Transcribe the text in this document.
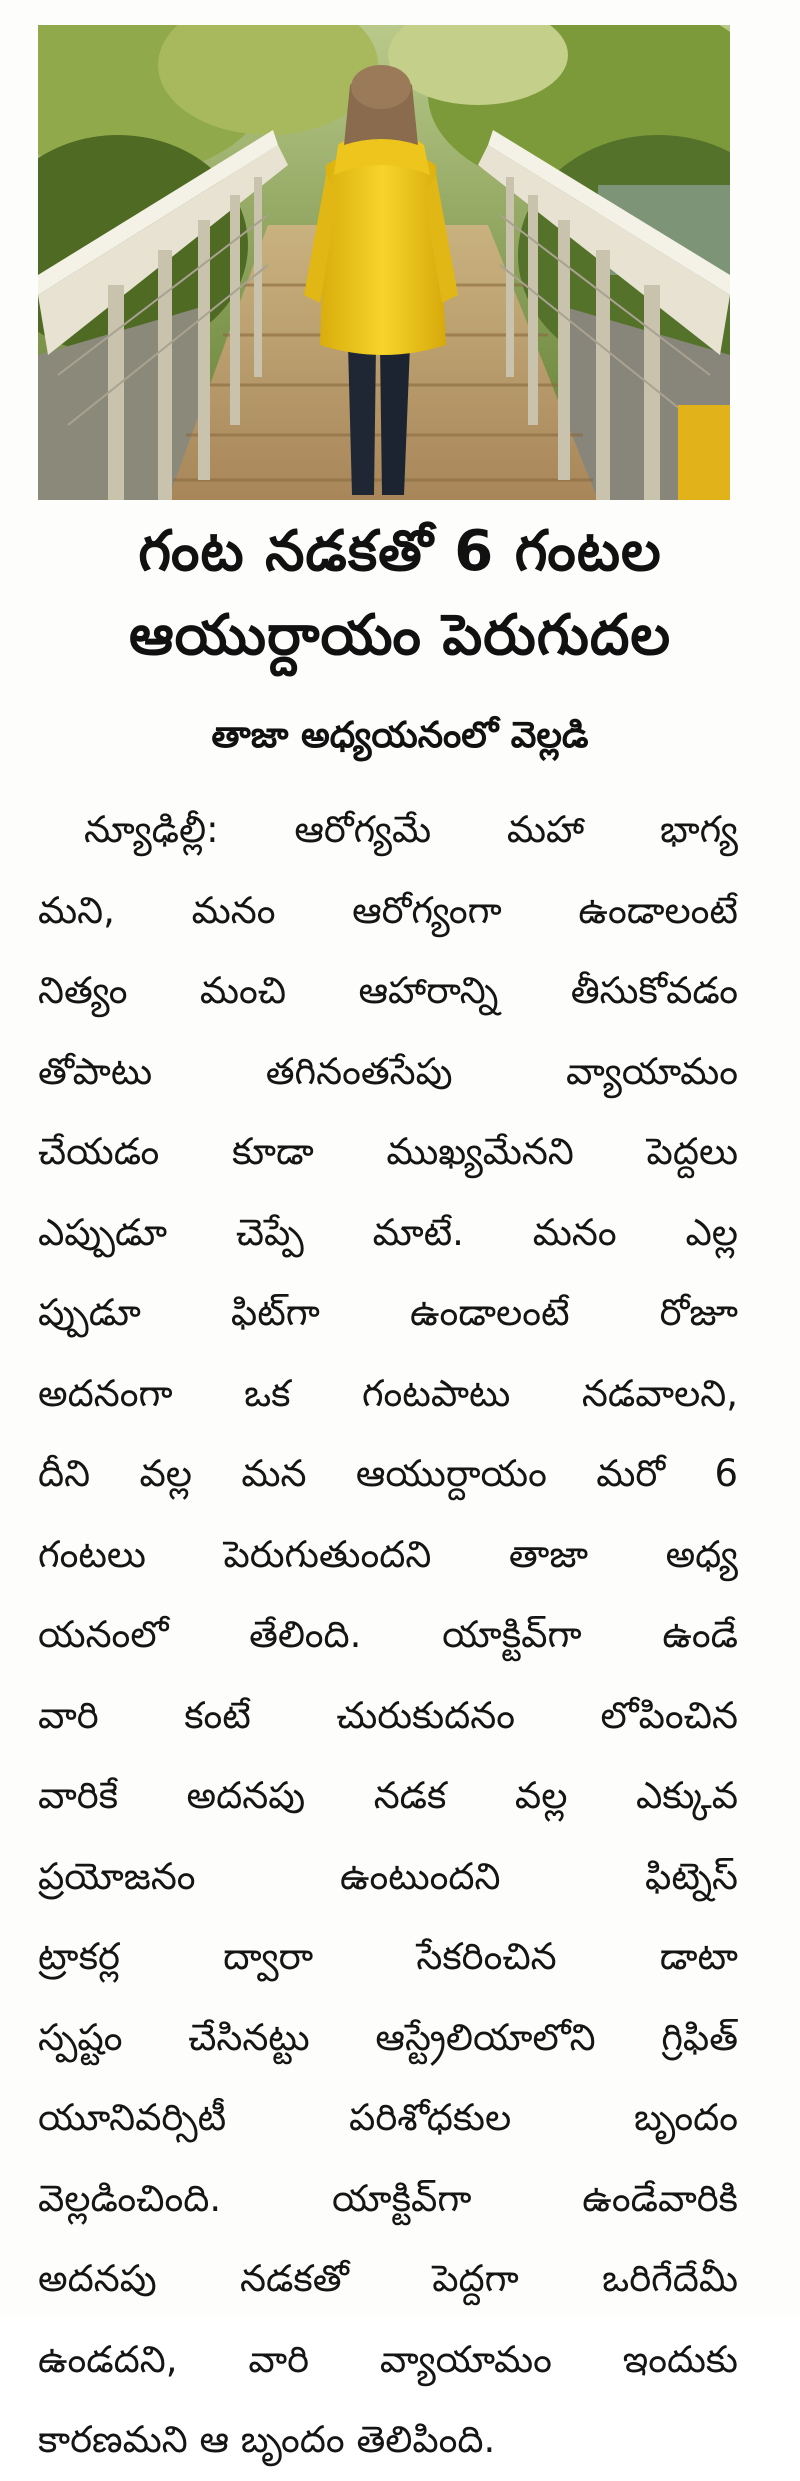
గంట నడకతో 6 గంటల
ఆయుర్దాయం పెరుగుదల
తాజా అధ్యయనంలో వెల్లడి
న్యూఢిల్లీ: ఆరోగ్యమే మహా భాగ్య
మని, మనం ఆరోగ్యంగా ఉండాలంటే
నిత్యం మంచి ఆహారాన్ని తీసుకోవడం
తోపాటు తగినంతసేపు వ్యాయామం
చేయడం కూడా ముఖ్యమేనని పెద్దలు
ఎప్పుడూ చెప్పే మాటే. మనం ఎల్ల
ప్పుడూ ఫిట్‌గా ఉండాలంటే రోజూ
అదనంగా ఒక గంటపాటు నడవాలని,
దీని వల్ల మన ఆయుర్దాయం మరో 6
గంటలు పెరుగుతుందని తాజా అధ్య
యనంలో తేలింది. యాక్టివ్‌గా ఉండే
వారి కంటే చురుకుదనం లోపించిన
వారికే అదనపు నడక వల్ల ఎక్కువ
ప్రయోజనం ఉంటుందని ఫిట్నెస్
ట్రాకర్ల ద్వారా సేకరించిన డాటా
స్పష్టం చేసినట్టు ఆస్ట్రేలియాలోని గ్రిఫిత్
యూనివర్సిటీ పరిశోధకుల బృందం
వెల్లడించింది. యాక్టివ్‌గా ఉండేవారికి
అదనపు నడకతో పెద్దగా ఒరిగేదేమీ
ఉండదని, వారి వ్యాయామం ఇందుకు
కారణమని ఆ బృందం తెలిపింది.
